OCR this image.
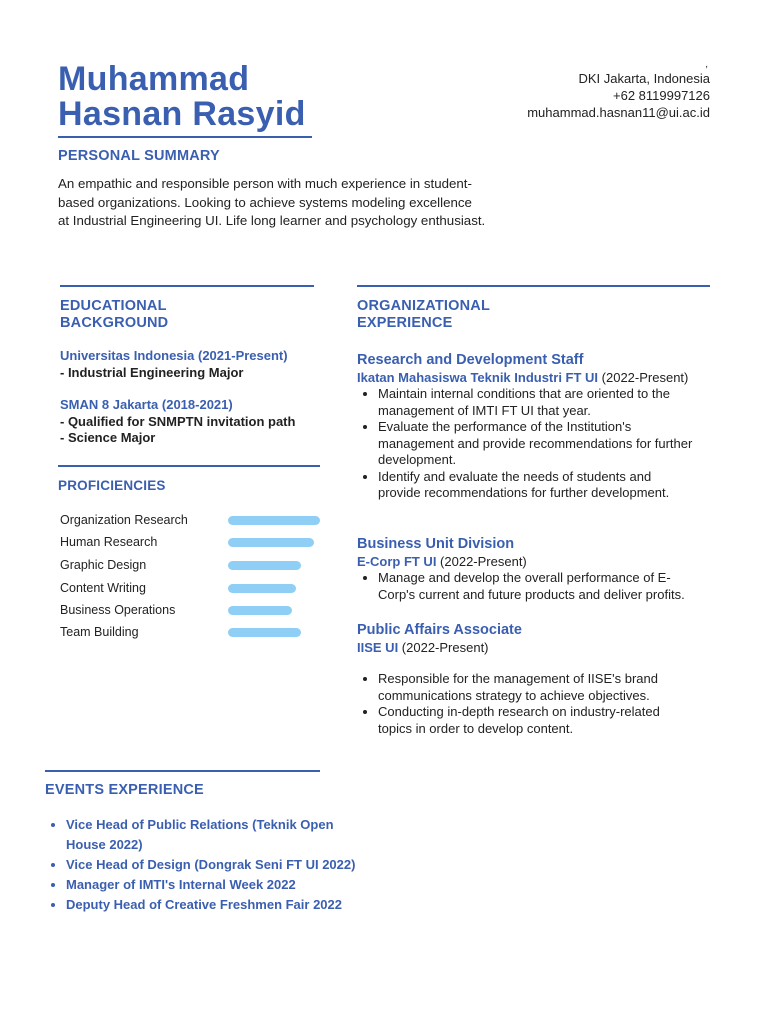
Muhammad
Hasnan Rasyid
,
DKI Jakarta, Indonesia
+62 8119997126
muhammad.hasnan11@ui.ac.id
PERSONAL SUMMARY
An empathic and responsible person with much experience in student-
based organizations. Looking to achieve systems modeling excellence
at Industrial Engineering UI. Life long learner and psychology enthusiast.
EDUCATIONAL
BACKGROUND
Universitas Indonesia (2021-Present)
- Industrial Engineering Major
SMAN 8 Jakarta (2018-2021)
- Qualified for SNMPTN invitation path
- Science Major
PROFICIENCIES
Organization Research
Human Research
Graphic Design
Content Writing
Business Operations
Team Building
ORGANIZATIONAL
EXPERIENCE
Research and Development Staff
Ikatan Mahasiswa Teknik Industri FT UI (2022-Present)
• Maintain internal conditions that are oriented to the
management of IMTI FT UI that year.
• Evaluate the performance of the Institution's
management and provide recommendations for further
development.
• Identify and evaluate the needs of students and
provide recommendations for further development.
Business Unit Division
E-Corp FT UI (2022-Present)
• Manage and develop the overall performance of E-
Corp's current and future products and deliver profits.
Public Affairs Associate
IISE UI (2022-Present)
• Responsible for the management of IISE's brand
communications strategy to achieve objectives.
• Conducting in-depth research on industry-related
topics in order to develop content.
EVENTS EXPERIENCE
• Vice Head of Public Relations (Teknik Open
House 2022)
• Vice Head of Design (Dongrak Seni FT UI 2022)
• Manager of IMTI's Internal Week 2022
• Deputy Head of Creative Freshmen Fair 2022
